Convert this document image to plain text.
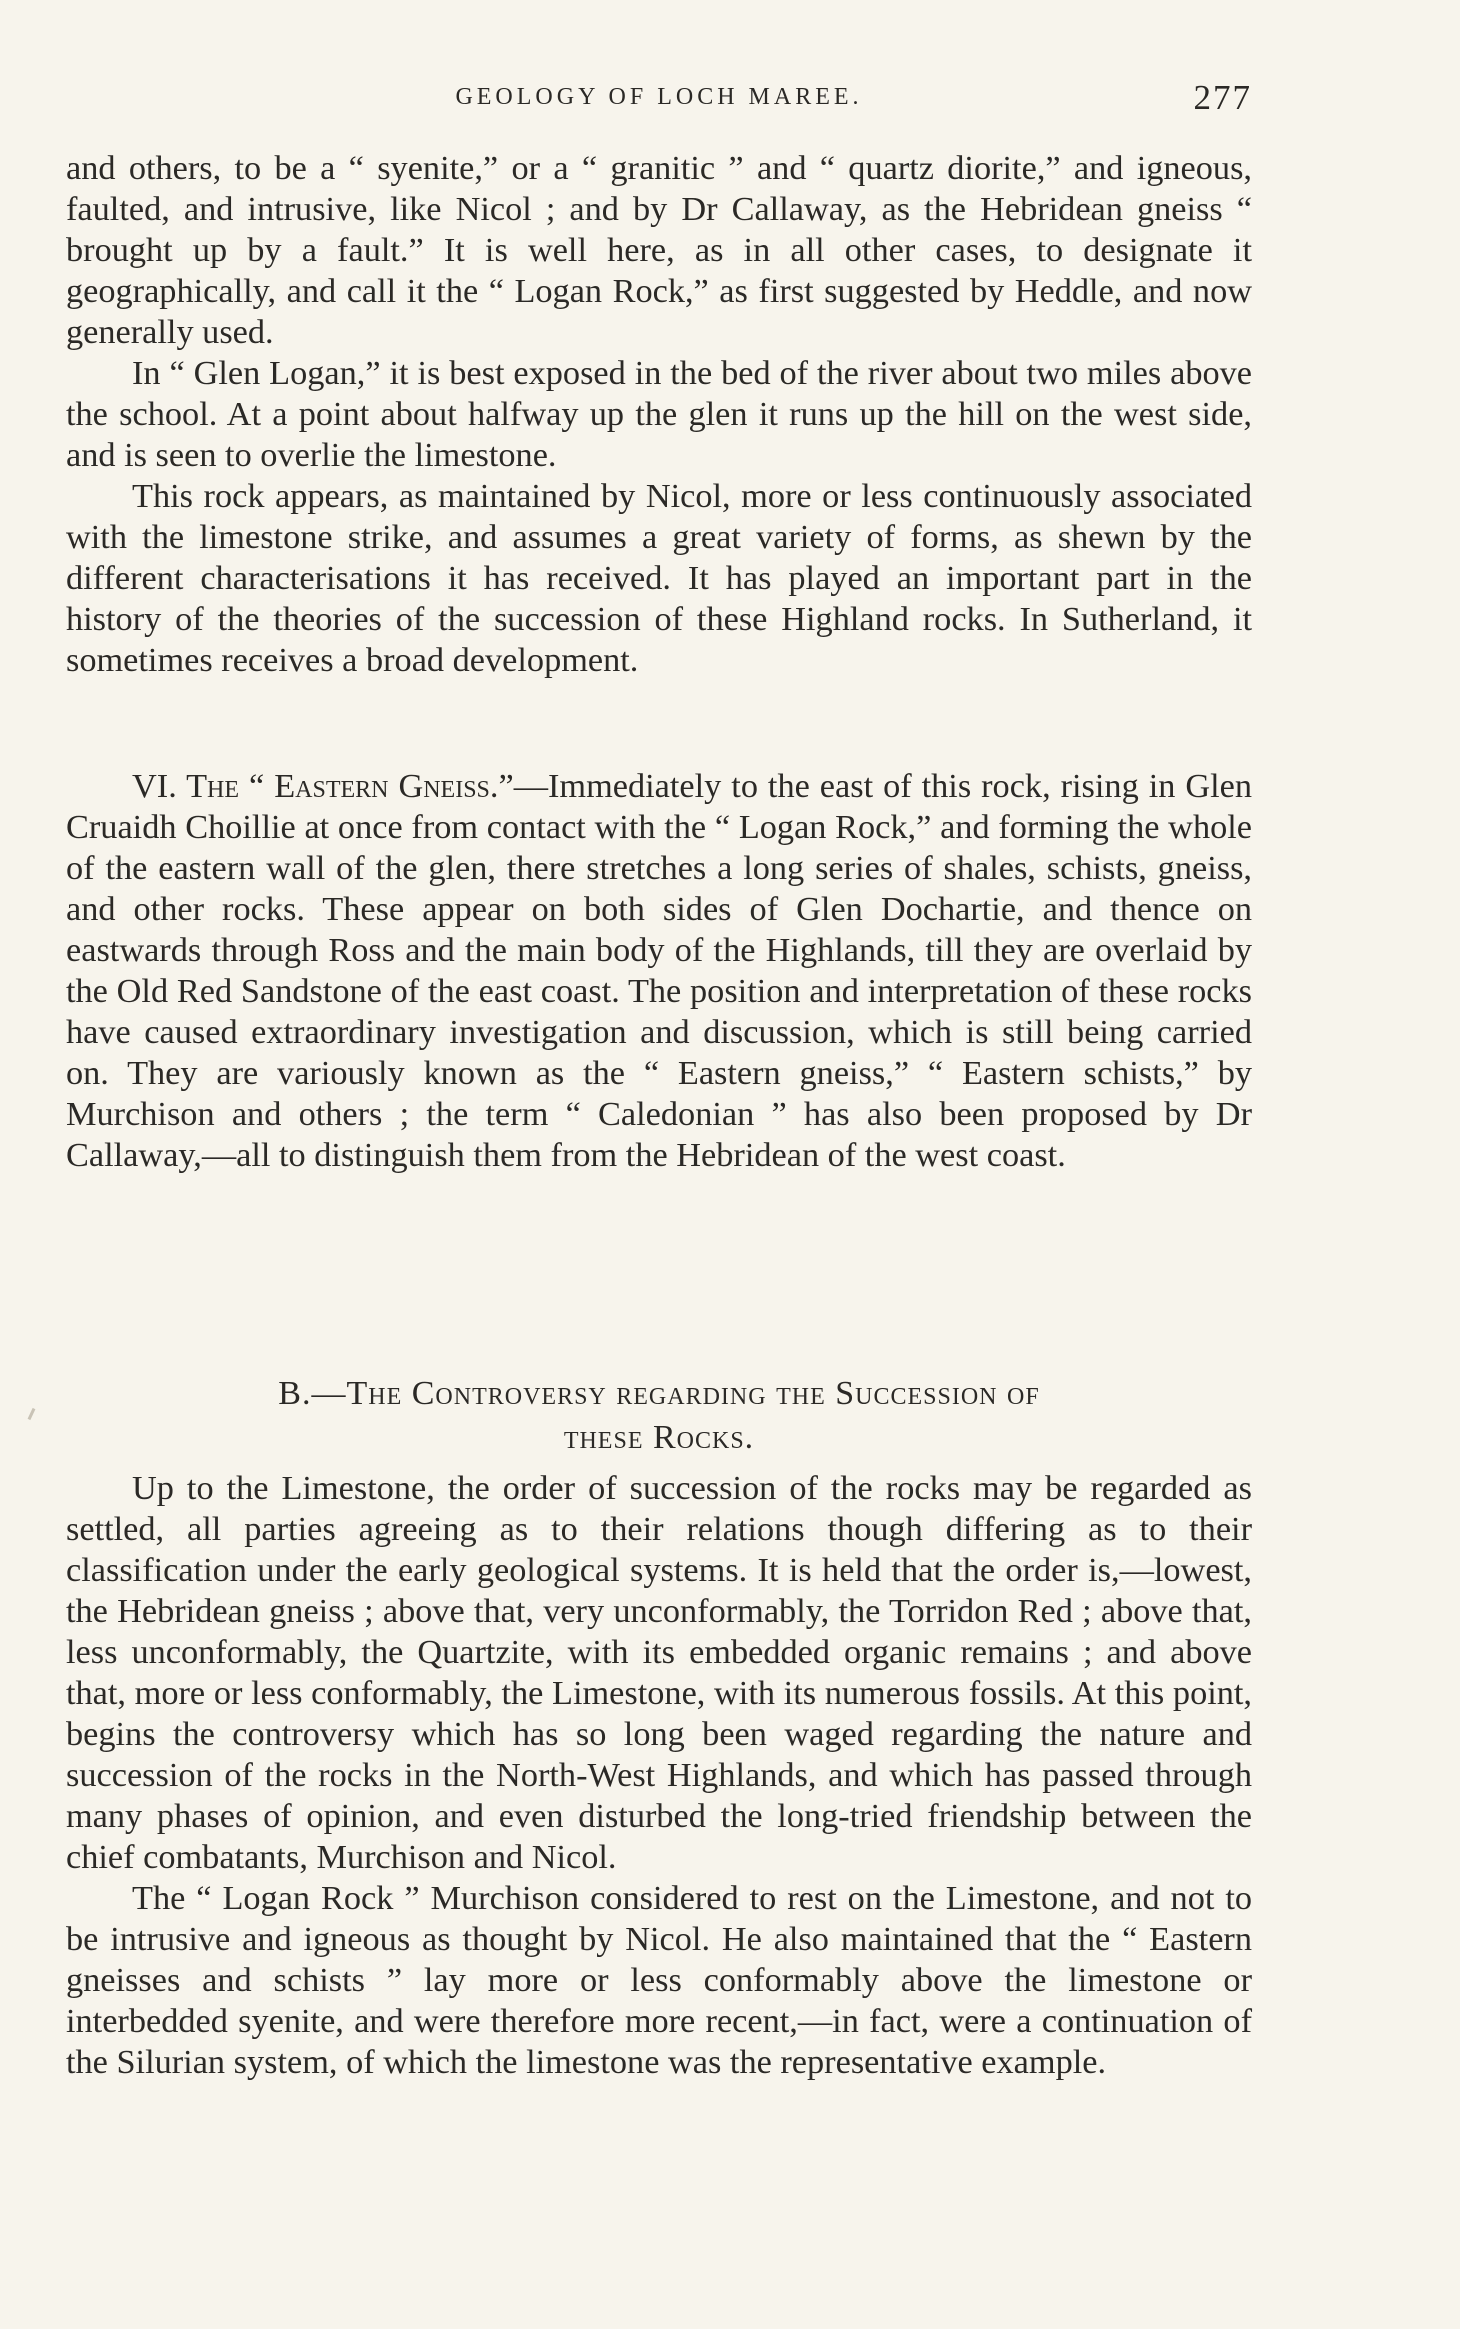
GEOLOGY OF LOCH MAREE.	277

and others, to be a “ syenite,” or a “ granitic ” and “ quartz diorite,” and igneous, faulted, and intrusive, like Nicol ; and by Dr Callaway, as the Hebridean gneiss “ brought up by a fault.” It is well here, as in all other cases, to designate it geographically, and call it the “ Logan Rock,” as first suggested by Heddle, and now generally used.

In “ Glen Logan,” it is best exposed in the bed of the river about two miles above the school. At a point about halfway up the glen it runs up the hill on the west side, and is seen to overlie the limestone.

This rock appears, as maintained by Nicol, more or less continuously associated with the limestone strike, and assumes a great variety of forms, as shewn by the different characterisations it has received. It has played an important part in the history of the theories of the succession of these Highland rocks. In Sutherland, it sometimes receives a broad development.

VI. The “ Eastern Gneiss.”—Immediately to the east of this rock, rising in Glen Cruaidh Choillie at once from contact with the “ Logan Rock,” and forming the whole of the eastern wall of the glen, there stretches a long series of shales, schists, gneiss, and other rocks. These appear on both sides of Glen Dochartie, and thence on eastwards through Ross and the main body of the Highlands, till they are overlaid by the Old Red Sandstone of the east coast. The position and interpretation of these rocks have caused extraordinary investigation and discussion, which is still being carried on. They are variously known as the “ Eastern gneiss,” “ Eastern schists,” by Murchison and others ; the term “ Caledonian ” has also been proposed by Dr Callaway,—all to distinguish them from the Hebridean of the west coast.

B.—The Controversy regarding the Succession of
these Rocks.

Up to the Limestone, the order of succession of the rocks may be regarded as settled, all parties agreeing as to their relations though differing as to their classification under the early geological systems. It is held that the order is,—lowest, the Hebridean gneiss ; above that, very unconformably, the Torridon Red ; above that, less unconformably, the Quartzite, with its embedded organic remains ; and above that, more or less conformably, the Limestone, with its numerous fossils. At this point, begins the controversy which has so long been waged regarding the nature and succession of the rocks in the North-West Highlands, and which has passed through many phases of opinion, and even disturbed the long-tried friendship between the chief combatants, Murchison and Nicol.

The “ Logan Rock ” Murchison considered to rest on the Limestone, and not to be intrusive and igneous as thought by Nicol. He also maintained that the “ Eastern gneisses and schists ” lay more or less conformably above the limestone or interbedded syenite, and were therefore more recent,—in fact, were a continuation of the Silurian system, of which the limestone was the representative example.
